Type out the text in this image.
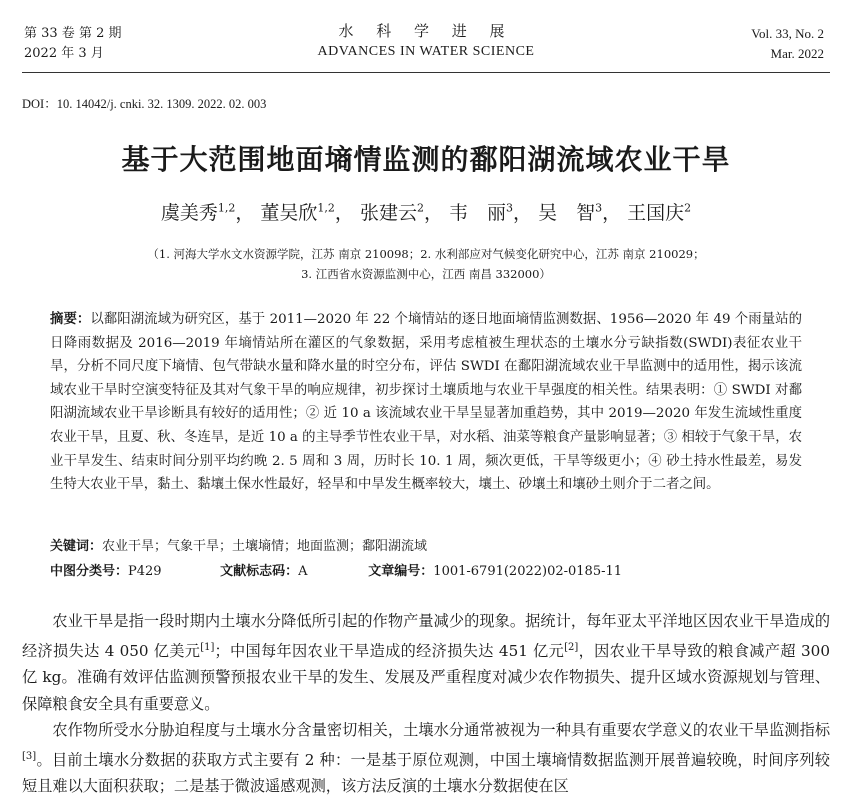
第 33 卷 第 2 期
2022 年 3 月
水 科 学 进 展
ADVANCES IN WATER SCIENCE
Vol. 33, No. 2
Mar. 2022
DOI：10. 14042/j. cnki. 32. 1309. 2022. 02. 003
基于大范围地面墒情监测的鄱阳湖流域农业干旱
虞美秀$^{1,2}$， 董吴欣$^{1,2}$， 张建云$^2$， 韦　丽$^3$， 吴　智$^3$， 王国庆$^2$
（1. 河海大学水文水资源学院，江苏 南京 210098；2. 水利部应对气候变化研究中心，江苏 南京 210029；
3. 江西省水资源监测中心，江西 南昌 332000）
摘要：以鄱阳湖流域为研究区，基于 2011—2020 年 22 个墒情站的逐日地面墒情监测数据、1956—2020 年 49 个雨量站的日降雨数据及 2016—2019 年墒情站所在灌区的气象数据，采用考虑植被生理状态的土壤水分亏缺指数(SWDI)表征农业干旱，分析不同尺度下墒情、包气带缺水量和降水量的时空分布，评估 SWDI 在鄱阳湖流域农业干旱监测中的适用性，揭示该流域农业干旱时空演变特征及其对气象干旱的响应规律，初步探讨土壤质地与农业干旱强度的相关性。结果表明：① SWDI 对鄱阳湖流域农业干旱诊断具有较好的适用性；② 近 10 a 该流域农业干旱呈显著加重趋势，其中 2019—2020 年发生流域性重度农业干旱，且夏、秋、冬连旱，是近 10 a 的主导季节性农业干旱，对水稻、油菜等粮食产量影响显著；③ 相较于气象干旱，农业干旱发生、结束时间分别平均约晚 2. 5 周和 3 周，历时长 10. 1 周，频次更低，干旱等级更小；④ 砂土持水性最差，易发生特大农业干旱，黏土、黏壤土保水性最好，轻旱和中旱发生概率较大，壤土、砂壤土和壤砂土则介于二者之间。
关键词：农业干旱；气象干旱；土壤墒情；地面监测；鄱阳湖流域
中图分类号：P429	文献标志码：A	文章编号：1001-6791(2022)02-0185-11

农业干旱是指一段时期内土壤水分降低所引起的作物产量减少的现象。据统计，每年亚太平洋地区因农业干旱造成的经济损失达 4 050 亿美元[1]；中国每年因农业干旱造成的经济损失达 451 亿元[2]，因农业干旱导致的粮食减产超 300 亿 kg。准确有效评估监测预警预报农业干旱的发生、发展及严重程度对减少农作物损失、提升区域水资源规划与管理、保障粮食安全具有重要意义。

农作物所受水分胁迫程度与土壤水分含量密切相关，土壤水分通常被视为一种具有重要农学意义的农业干旱监测指标[3]。目前土壤水分数据的获取方式主要有 2 种：一是基于原位观测，中国土壤墒情数据监测开展普遍较晚，时间序列较短且难以大面积获取；二是基于微波遥感观测，该方法反演的土壤水分数据使在区
